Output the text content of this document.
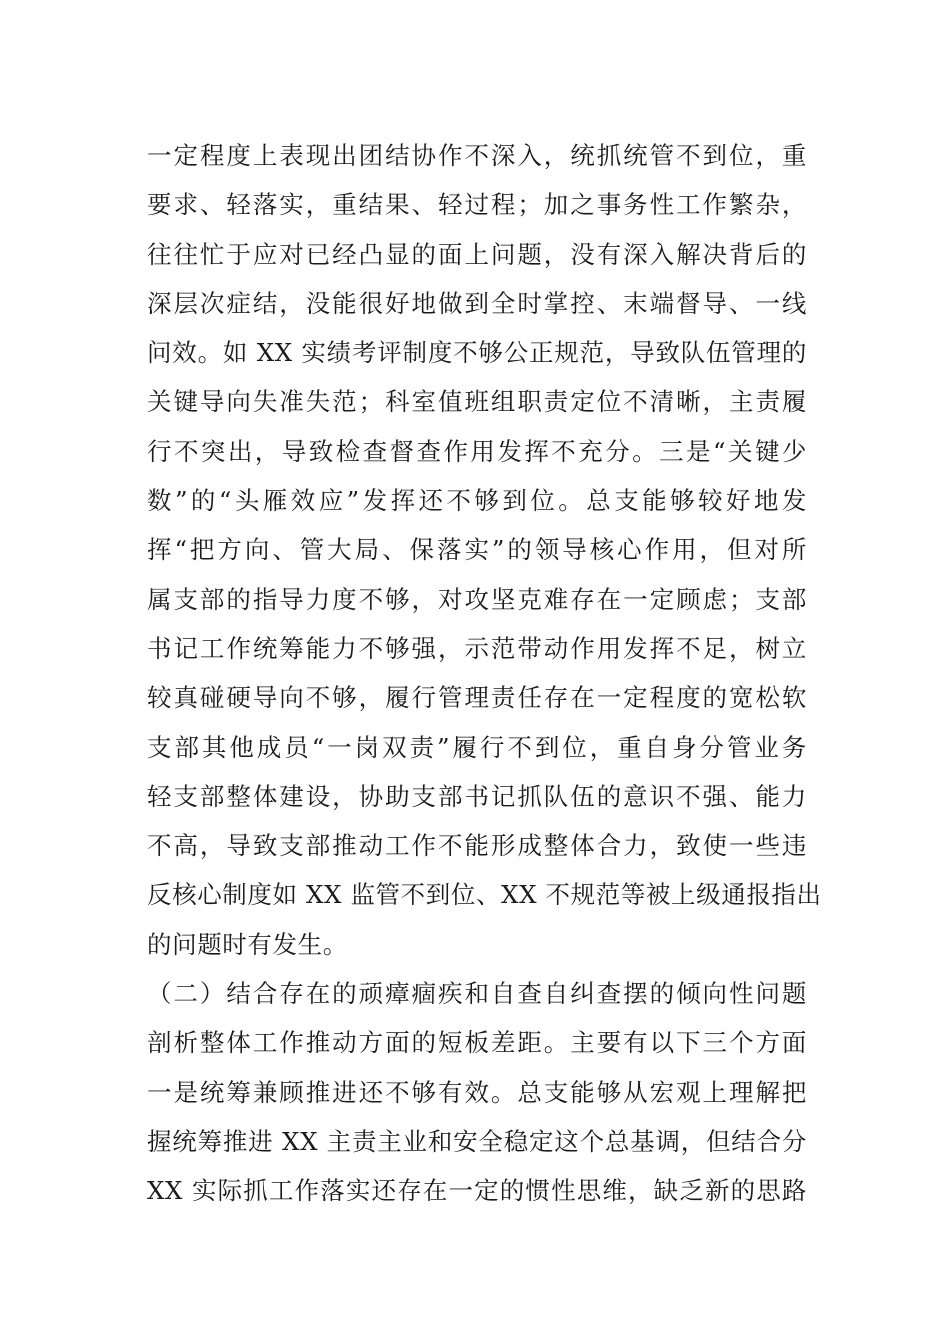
一定程度上表现出团结协作不深入，统抓统管不到位，重
要求、轻落实，重结果、轻过程；加之事务性工作繁杂，
往往忙于应对已经凸显的面上问题，没有深入解决背后的
深层次症结，没能很好地做到全时掌控、末端督导、一线
问效。如 XX 实绩考评制度不够公正规范，导致队伍管理的
关键导向失准失范；科室值班组职责定位不清晰，主责履
行不突出，导致检查督查作用发挥不充分。三是“关键少
数”的“头雁效应”发挥还不够到位。总支能够较好地发
挥“把方向、管大局、保落实”的领导核心作用，但对所
属支部的指导力度不够，对攻坚克难存在一定顾虑；支部
书记工作统筹能力不够强，示范带动作用发挥不足，树立
较真碰硬导向不够，履行管理责任存在一定程度的宽松软
支部其他成员“一岗双责”履行不到位，重自身分管业务
轻支部整体建设，协助支部书记抓队伍的意识不强、能力
不高，导致支部推动工作不能形成整体合力，致使一些违
反核心制度如 XX 监管不到位、XX 不规范等被上级通报指出
的问题时有发生。
（二）结合存在的顽瘴痼疾和自查自纠查摆的倾向性问题
剖析整体工作推动方面的短板差距。主要有以下三个方面
一是统筹兼顾推进还不够有效。总支能够从宏观上理解把
握统筹推进 XX 主责主业和安全稳定这个总基调，但结合分
XX 实际抓工作落实还存在一定的惯性思维，缺乏新的思路
